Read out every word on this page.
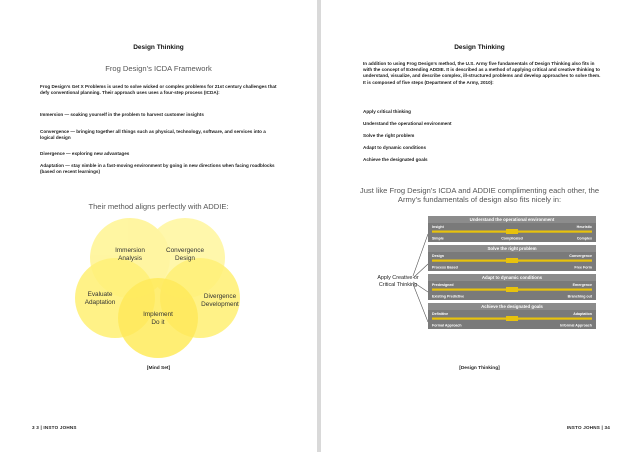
Design Thinking
Frog Design’s ICDA Framework
Frog Design’s Get X Problems is used to solve wicked or complex problems for 21st century challenges that defy conventional planning. Their approach uses uses a four-step process (ICDA):
Immersion — soaking yourself in the problem to harvest customer insights
Convergence — bringing together all things such as physical, technology, software, and services into a logical design
Divergence — exploring new advantages
Adaptation — stay nimble in a fast-moving environment by going in new directions when facing roadblocks (based on recent learnings)
Their method aligns perfectly with ADDIE:
Immersion
Analysis
Convergence
Design
Evaluate
Adaptation
Divergence
Development
Implement
Do it
[Mind Set]
3 3 | INSTO JOHNS
Design Thinking
In addition to using Frog Design’s method, the U.S. Army five fundamentals of Design Thinking also fits in with the concept of Extending ADDIE. It is described as a method of applying critical and creative thinking to understand, visualize, and describe complex, ill-structured problems and develop approaches to solve them. It is composed of five steps (Department of the Army, 2010):
Apply critical thinking
Understand the operational environment
Solve the right problem
Adapt to dynamic conditions
Achieve the designated goals
Just like Frog Design’s ICDA and ADDIE complimenting each other, the Army’s fundamentals of design also fits nicely in:
Apply Creative or
Critical Thinking
Understand the operational environment
Insight	Heuristic
Simple	Complicated	Complex
Solve the right problem
Design	Convergence
Process Based	Free Form
Adapt to dynamic conditions
Predesigned	Emergence
Existing Predictive	Branching out
Achieve the designated goals
Definitive	Adaptation
Formal Approach	Informal Approach
[Design Thinking]
INSTO JOHNS | 34
